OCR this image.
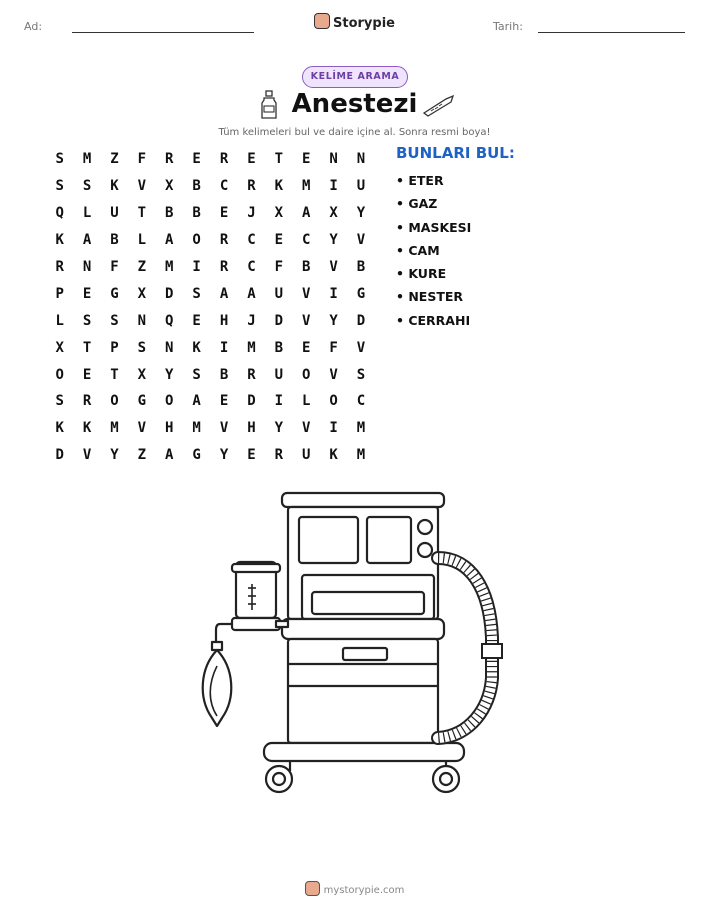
Ad:	Storypie	Tarih:
KELİME ARAMA
Anestezi
Tüm kelimeleri bul ve daire içine al. Sonra resmi boya!
S	M	Z	F	R	E	R	E	T	E	N	N
S	S	K	V	X	B	C	R	K	M	I	U
Q	L	U	T	B	B	E	J	X	A	X	Y
K	A	B	L	A	O	R	C	E	C	Y	V
R	N	F	Z	M	I	R	C	F	B	V	B
P	E	G	X	D	S	A	A	U	V	I	G
L	S	S	N	Q	E	H	J	D	V	Y	D
X	T	P	S	N	K	I	M	B	E	F	V
O	E	T	X	Y	S	B	R	U	O	V	S
S	R	O	G	O	A	E	D	I	L	O	C
K	K	M	V	H	M	V	H	Y	V	I	M
D	V	Y	Z	A	G	Y	E	R	U	K	M
BUNLARI BUL:
• ETER
• GAZ
• MASKESI
• CAM
• KURE
• NESTER
• CERRAHI
mystorypie.com
